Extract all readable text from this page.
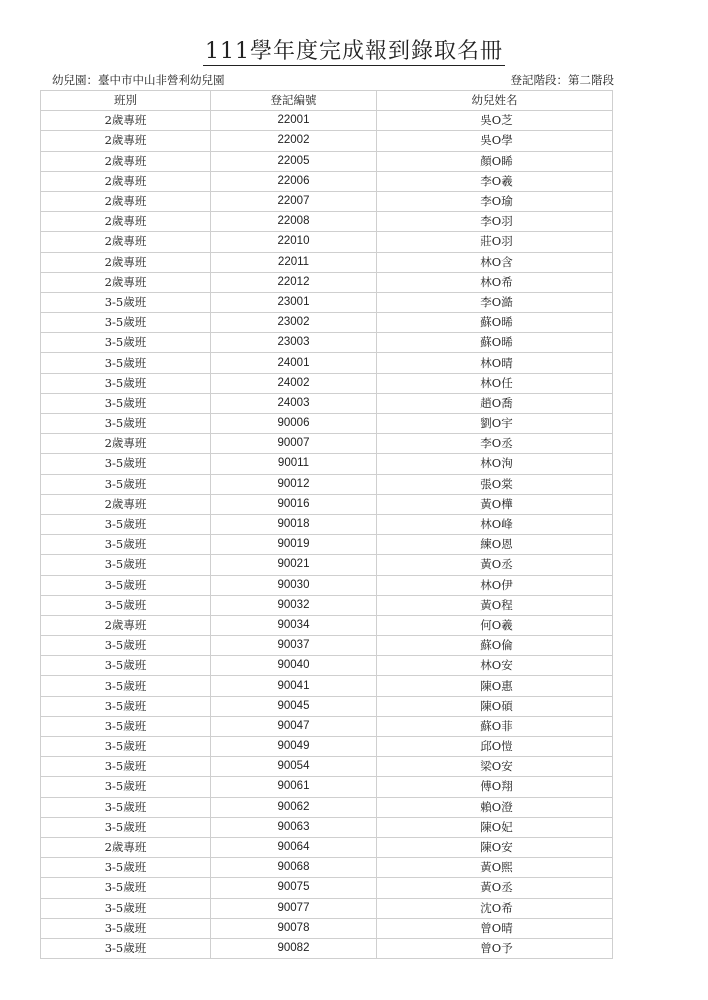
111學年度完成報到錄取名冊
幼兒園：臺中市中山非營利幼兒園	登記階段：第二階段
班別	登記編號	幼兒姓名
2歲專班	22001	吳O芝
2歲專班	22002	吳O學
2歲專班	22005	顏O睎
2歲專班	22006	李O羲
2歲專班	22007	李O瑜
2歲專班	22008	李O羽
2歲專班	22010	莊O羽
2歲專班	22011	林O含
2歲專班	22012	林O希
3-5歲班	23001	李O澔
3-5歲班	23002	蘇O晞
3-5歲班	23003	蘇O晞
3-5歲班	24001	林O晴
3-5歲班	24002	林O任
3-5歲班	24003	趙O喬
3-5歲班	90006	劉O宇
2歲專班	90007	李O丞
3-5歲班	90011	林O洵
3-5歲班	90012	張O棠
2歲專班	90016	黃O樺
3-5歲班	90018	林O峰
3-5歲班	90019	練O恩
3-5歲班	90021	黃O丞
3-5歲班	90030	林O伊
3-5歲班	90032	黃O程
2歲專班	90034	何O羲
3-5歲班	90037	蘇O倫
3-5歲班	90040	林O安
3-5歲班	90041	陳O惠
3-5歲班	90045	陳O碩
3-5歲班	90047	蘇O菲
3-5歲班	90049	邱O愷
3-5歲班	90054	梁O安
3-5歲班	90061	傅O翔
3-5歲班	90062	賴O澄
3-5歲班	90063	陳O妃
2歲專班	90064	陳O安
3-5歲班	90068	黃O熙
3-5歲班	90075	黃O丞
3-5歲班	90077	沈O希
3-5歲班	90078	曾O晴
3-5歲班	90082	曾O予
